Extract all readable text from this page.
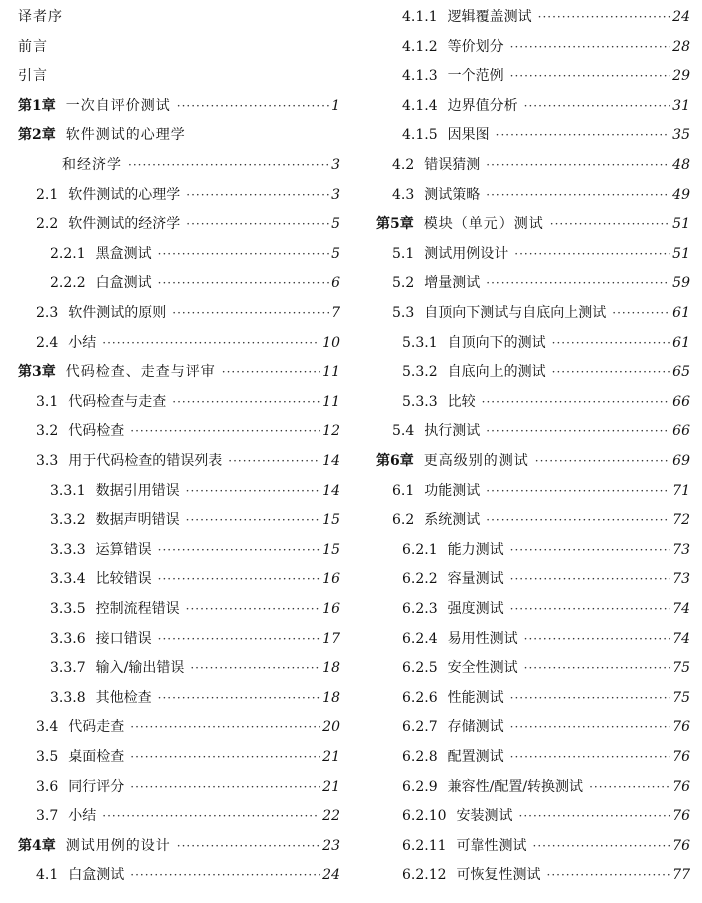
译者序
前言
引言
第1章 一次自评价测试 ·····	1
第2章 软件测试的心理学
和经济学 ·····	3
2.1 软件测试的心理学 ·····	3
2.2 软件测试的经济学 ·····	5
2.2.1 黑盒测试 ·····	5
2.2.2 白盒测试 ·····	6
2.3 软件测试的原则 ·····	7
2.4 小结 ·····	10
第3章 代码检查、走查与评审 ·····	11
3.1 代码检查与走查 ·····	11
3.2 代码检查 ·····	12
3.3 用于代码检查的错误列表 ·····	14
3.3.1 数据引用错误 ·····	14
3.3.2 数据声明错误 ·····	15
3.3.3 运算错误 ·····	15
3.3.4 比较错误 ·····	16
3.3.5 控制流程错误 ·····	16
3.3.6 接口错误 ·····	17
3.3.7 输入/输出错误 ·····	18
3.3.8 其他检查 ·····	18
3.4 代码走查 ·····	20
3.5 桌面检查 ·····	21
3.6 同行评分 ·····	21
3.7 小结 ·····	22
第4章 测试用例的设计 ·····	23
4.1 白盒测试 ·····	24
4.1.1 逻辑覆盖测试 ·····	24
4.1.2 等价划分 ·····	28
4.1.3 一个范例 ·····	29
4.1.4 边界值分析 ·····	31
4.1.5 因果图 ·····	35
4.2 错误猜测 ·····	48
4.3 测试策略 ·····	49
第5章 模块（单元）测试 ·····	51
5.1 测试用例设计 ·····	51
5.2 增量测试 ·····	59
5.3 自顶向下测试与自底向上测试 ·····	61
5.3.1 自顶向下的测试 ·····	61
5.3.2 自底向上的测试 ·····	65
5.3.3 比较 ·····	66
5.4 执行测试 ·····	66
第6章 更高级别的测试 ·····	69
6.1 功能测试 ·····	71
6.2 系统测试 ·····	72
6.2.1 能力测试 ·····	73
6.2.2 容量测试 ·····	73
6.2.3 强度测试 ·····	74
6.2.4 易用性测试 ·····	74
6.2.5 安全性测试 ·····	75
6.2.6 性能测试 ·····	75
6.2.7 存储测试 ·····	76
6.2.8 配置测试 ·····	76
6.2.9 兼容性/配置/转换测试 ·····	76
6.2.10 安装测试 ·····	76
6.2.11 可靠性测试 ·····	76
6.2.12 可恢复性测试 ·····	77
